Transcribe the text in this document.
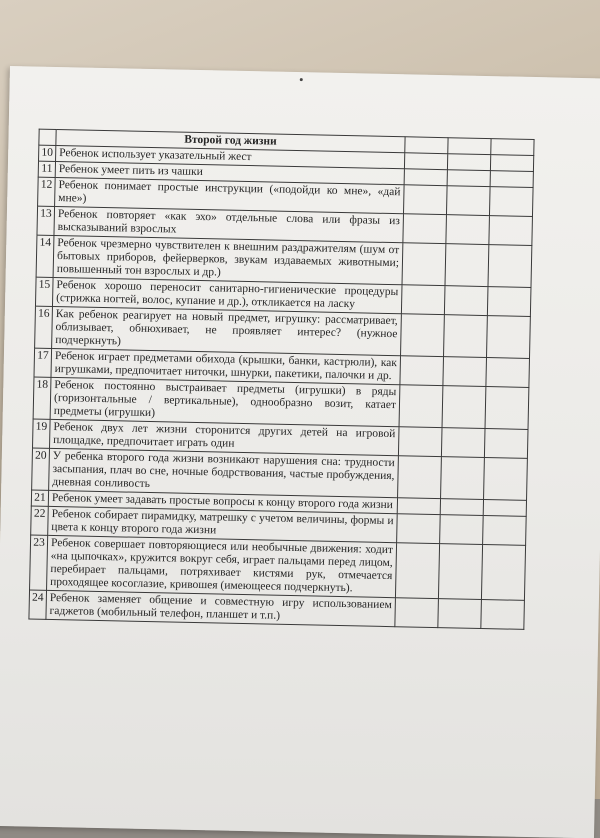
	Второй год жизни			
10	Ребенок использует указательный жест			
11	Ребенок умеет пить из чашки			
12	Ребенок понимает простые инструкции («подойди ко мне», «дай мне»)			
13	Ребенок повторяет «как эхо» отдельные слова или фразы из высказываний взрослых			
14	Ребенок чрезмерно чувствителен к внешним раздражителям (шум от бытовых приборов, фейерверков, звукам издаваемых животными; повышенный тон взрослых и др.)			
15	Ребенок хорошо переносит санитарно-гигиенические процедуры (стрижка ногтей, волос, купание и др.), откликается на ласку			
16	Как ребенок реагирует на новый предмет, игрушку: рассматривает, облизывает, обнюхивает, не проявляет интерес? (нужное подчеркнуть)			
17	Ребенок играет предметами обихода (крышки, банки, кастрюли), как игрушками, предпочитает ниточки, шнурки, пакетики, палочки и др.			
18	Ребенок постоянно выстраивает предметы (игрушки) в ряды (горизонтальные / вертикальные), однообразно возит, катает предметы (игрушки)			
19	Ребенок двух лет жизни сторонится других детей на игровой площадке, предпочитает играть один			
20	У ребенка второго года жизни возникают нарушения сна: трудности засыпания, плач во сне, ночные бодрствования, частые пробуждения, дневная сонливость			
21	Ребенок умеет задавать простые вопросы к концу второго года жизни			
22	Ребенок собирает пирамидку, матрешку с учетом величины, формы и цвета к концу второго года жизни			
23	Ребенок совершает повторяющиеся или необычные движения: ходит «на цыпочках», кружится вокруг себя, играет пальцами перед лицом, перебирает пальцами, потряхивает кистями рук, отмечается проходящее косоглазие, кривошея (имеющееся подчеркнуть).			
24	Ребенок заменяет общение и совместную игру использованием гаджетов (мобильный телефон, планшет и т.п.)			
